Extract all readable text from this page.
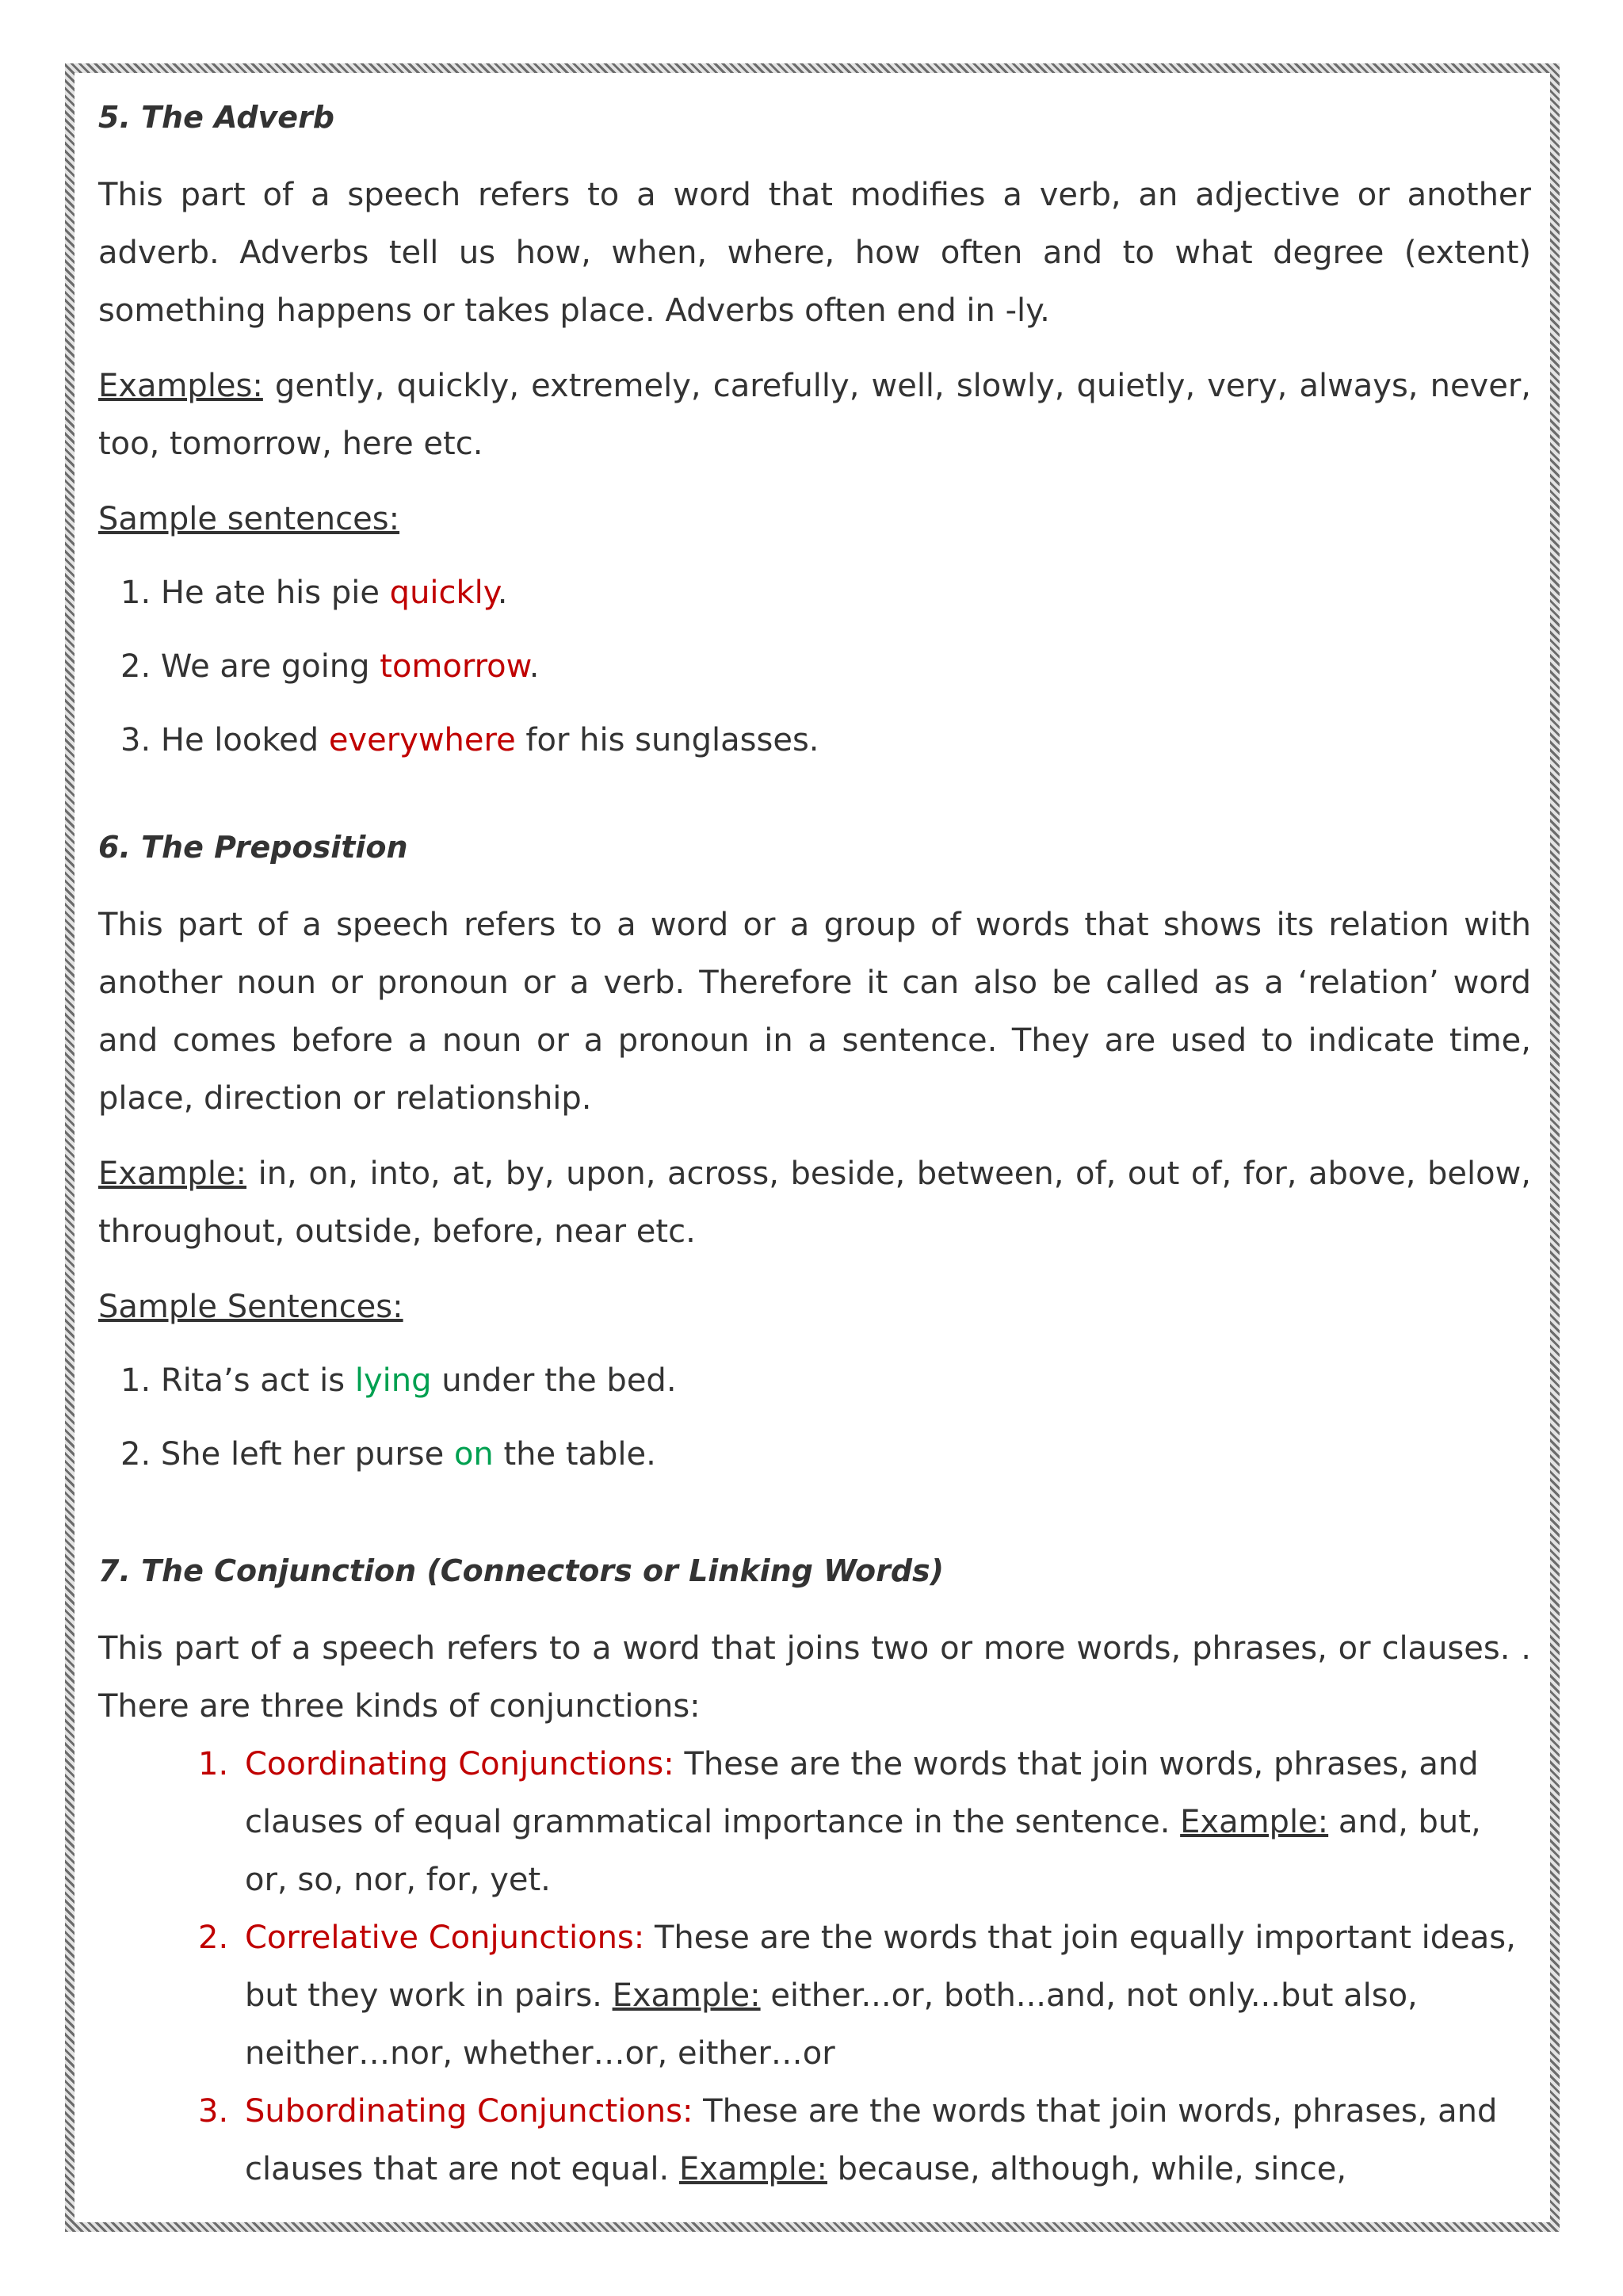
5. The Adverb

This part of a speech refers to a word that modifies a verb, an adjective or another adverb. Adverbs tell us how, when, where, how often and to what degree (extent) something happens or takes place. Adverbs often end in -ly.

Examples: gently, quickly, extremely, carefully, well, slowly, quietly, very, always, never, too, tomorrow, here etc.

Sample sentences:

1. He ate his pie quickly.
2. We are going tomorrow.
3. He looked everywhere for his sunglasses.
6. The Preposition

This part of a speech refers to a word or a group of words that shows its relation with another noun or pronoun or a verb. Therefore it can also be called as a ‘relation’ word and comes before a noun or a pronoun in a sentence. They are used to indicate time, place, direction or relationship.

Example: in, on, into, at, by, upon, across, beside, between, of, out of, for, above, below, throughout, outside, before, near etc.

Sample Sentences:

1. Rita’s act is lying under the bed.
2. She left her purse on the table.
7. The Conjunction (Connectors or Linking Words)

This part of a speech refers to a word that joins two or more words, phrases, or clauses. . There are three kinds of conjunctions:

1. Coordinating Conjunctions: These are the words that join words, phrases, and clauses of equal grammatical importance in the sentence. Example: and, but, or, so, nor, for, yet.
2. Correlative Conjunctions: These are the words that join equally important ideas, but they work in pairs. Example: either...or, both...and, not only...but also, neither…nor, whether…or, either…or
3. Subordinating Conjunctions: These are the words that join words, phrases, and clauses that are not equal. Example: because, although, while, since,
